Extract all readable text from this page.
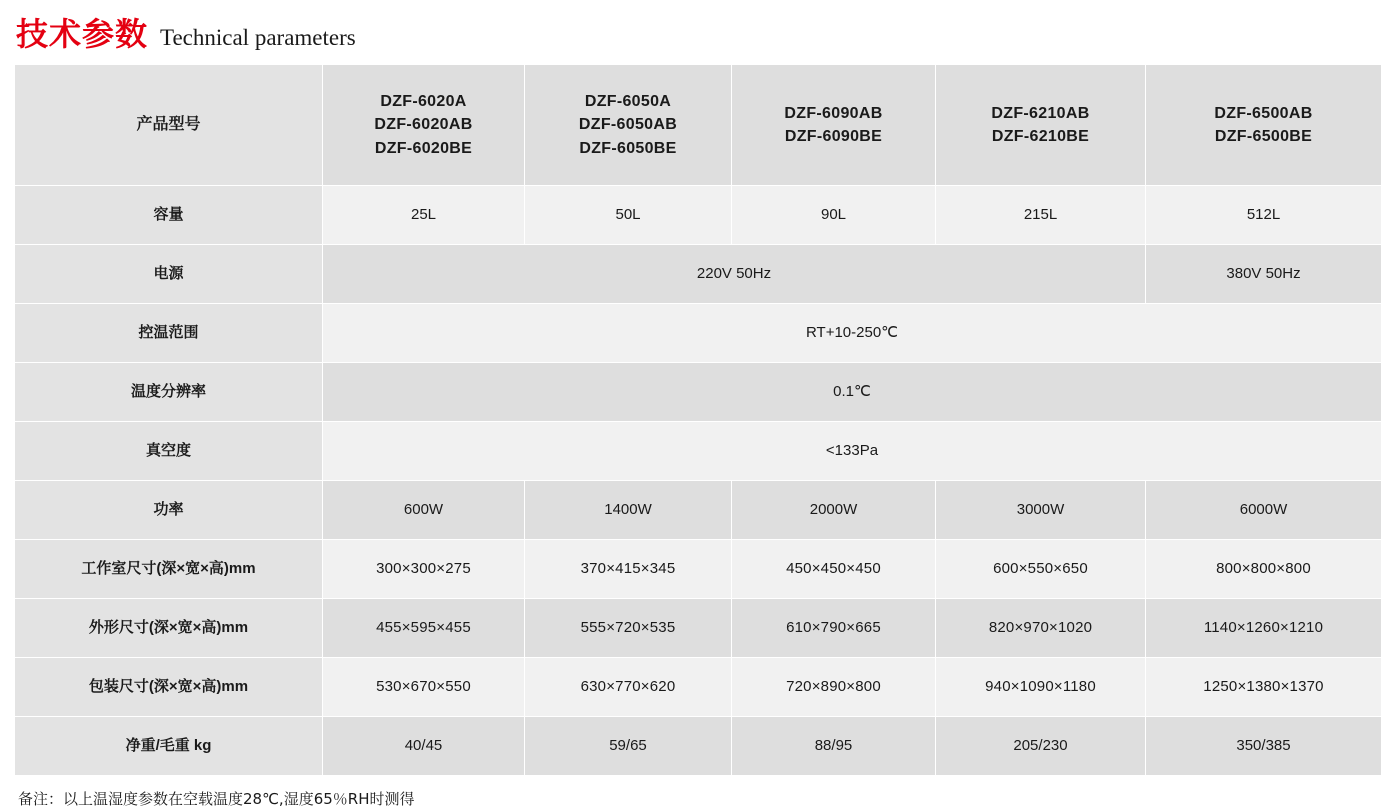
技术参数 Technical parameters
产品型号	DZF-6020A
DZF-6020AB
DZF-6020BE	DZF-6050A
DZF-6050AB
DZF-6050BE	DZF-6090AB
DZF-6090BE	DZF-6210AB
DZF-6210BE	DZF-6500AB
DZF-6500BE

容量	25L	50L	90L	215L	512L
电源	220V 50Hz				380V 50Hz
控温范围	RT+10-250℃				
温度分辨率	0.1℃				
真空度	<133Pa				
功率	600W	1400W	2000W	3000W	6000W
工作室尺寸(深×宽×高)mm	300×300×275	370×415×345	450×450×450	600×550×650	800×800×800
外形尺寸(深×宽×高)mm	455×595×455	555×720×535	610×790×665	820×970×1020	1140×1260×1210
包装尺寸(深×宽×高)mm	530×670×550	630×770×620	720×890×800	940×1090×1180	1250×1380×1370
净重/毛重 kg	40/45	59/65	88/95	205/230	350/385
备注：以上温湿度参数在空载温度28℃,湿度65％RH时测得
